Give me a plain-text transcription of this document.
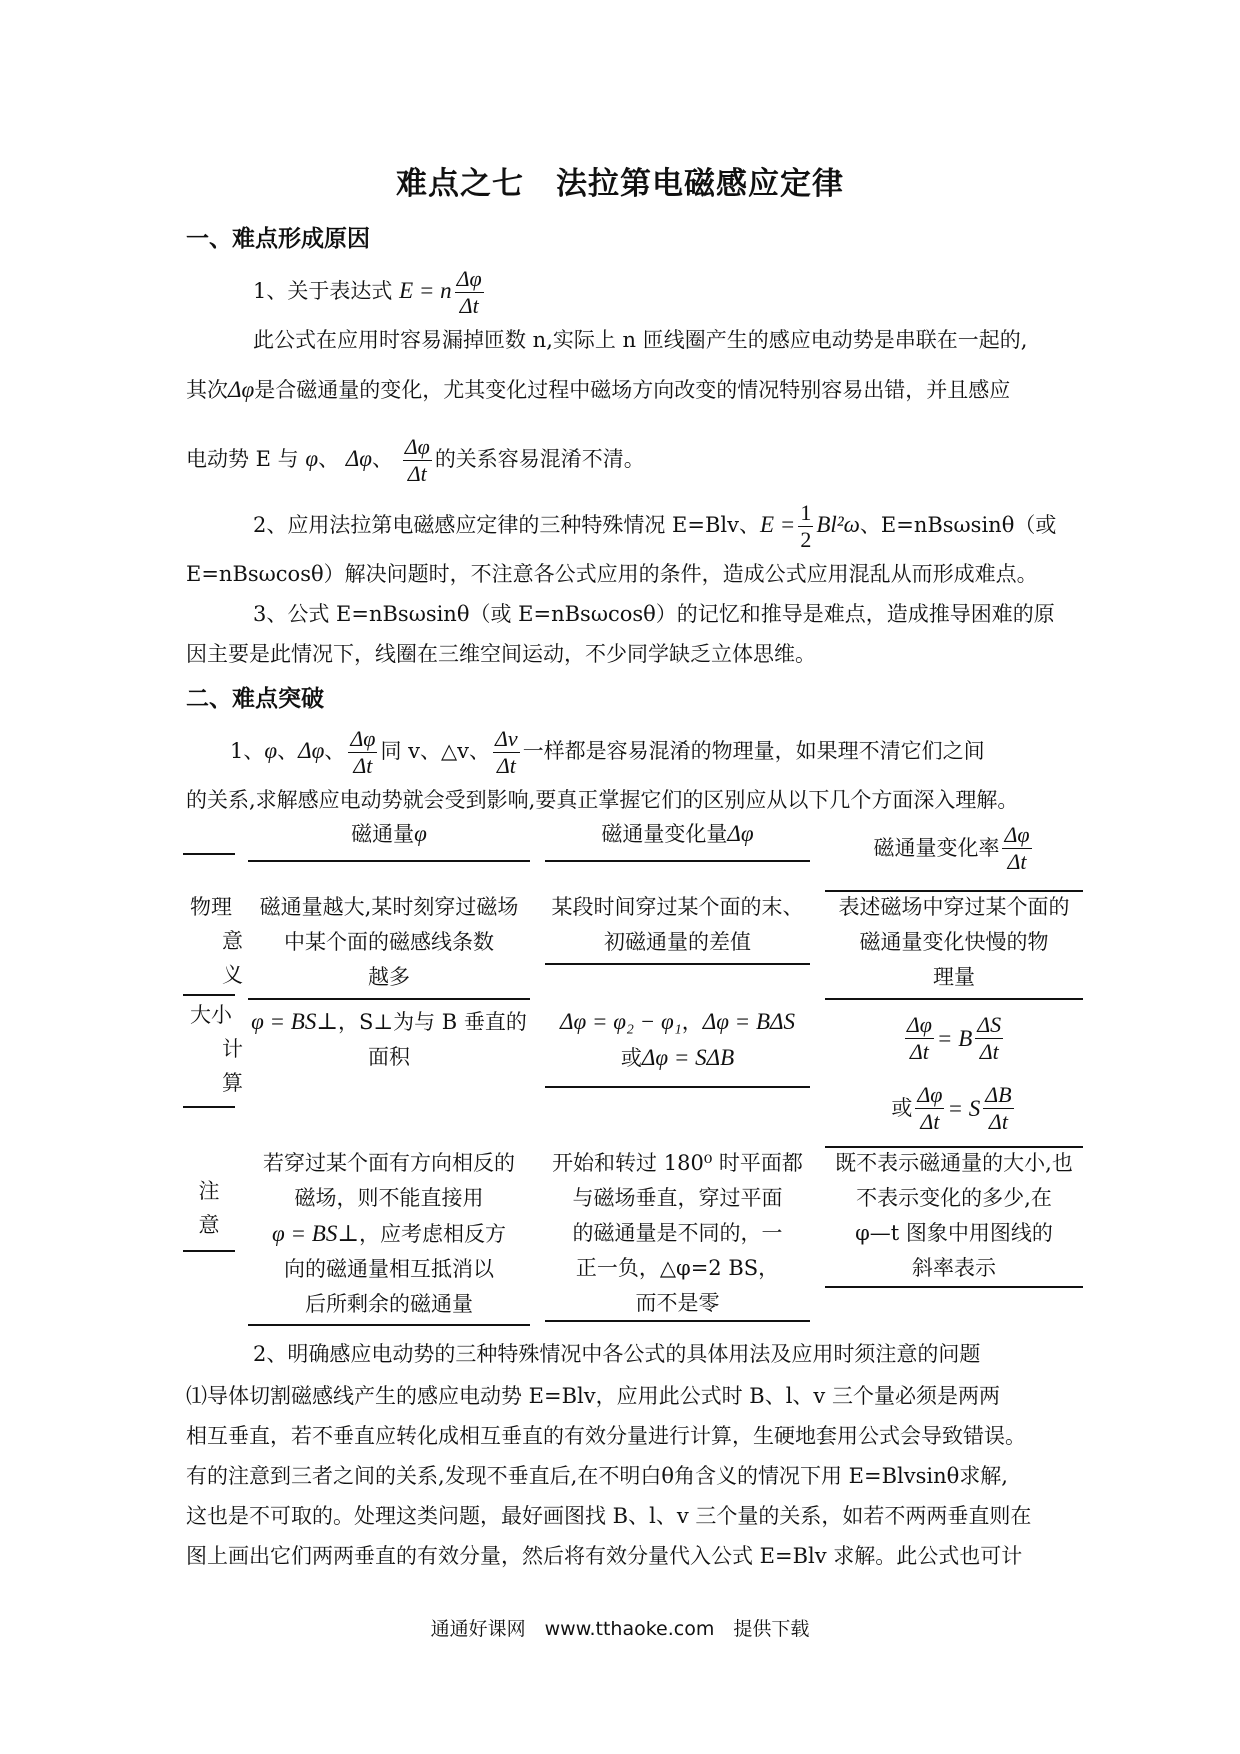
难点之七　法拉第电磁感应定律
一、难点形成原因
1、关于表达式 E = n $\frac{\Delta\varphi}{\Delta t}$
此公式在应用时容易漏掉匝数 n,实际上 n 匝线圈产生的感应电动势是串联在一起的,
其次Δφ是合磁通量的变化，尤其变化过程中磁场方向改变的情况特别容易出错，并且感应
电动势 E 与 φ、 Δφ、 $\frac{\Delta\varphi}{\Delta t}$ 的关系容易混淆不清。
2、应用法拉第电磁感应定律的三种特殊情况 E=Blv、$E = \frac{1}{2} Bl^2\omega$、E=nBsωsinθ（或
E=nBsωcosθ）解决问题时，不注意各公式应用的条件，造成公式应用混乱从而形成难点。
3、公式 E=nBsωsinθ（或 E=nBsωcosθ）的记忆和推导是难点，造成推导困难的原
因主要是此情况下，线圈在三维空间运动，不少同学缺乏立体思维。
二、难点突破
1、φ、Δφ、 $\frac{\Delta\varphi}{\Delta t}$ 同 v、△v、 $\frac{\Delta v}{\Delta t}$ 一样都是容易混淆的物理量，如果理不清它们之间
的关系,求解感应电动势就会受到影响,要真正掌握它们的区别应从以下几个方面深入理解。
磁通量φ	磁通量变化量Δφ
磁通量变化率 $\frac{\Delta\varphi}{\Delta t}$
物理
意
义
磁通量越大,某时刻穿过磁场
中某个面的磁感线条数
越多
某段时间穿过某个面的末、
初磁通量的差值
表述磁场中穿过某个面的
磁通量变化快慢的物
理量
大小
计
算
φ = BS⊥，S⊥为与 B 垂直的
面积
Δφ = φ₂ − φ₁，Δφ = BΔS
或Δφ = SΔB	$\frac{\Delta\varphi}{\Delta t} = B \frac{\Delta S}{\Delta t}$
或 $\frac{\Delta\varphi}{\Delta t} = S \frac{\Delta B}{\Delta t}$
注
意
若穿过某个面有方向相反的
磁场，则不能直接用
φ = BS⊥，应考虑相反方
向的磁通量相互抵消以
后所剩余的磁通量
开始和转过 180⁰ 时平面都
与磁场垂直，穿过平面
的磁通量是不同的，一
正一负，△φ=2 BS，
而不是零
既不表示磁通量的大小,也
不表示变化的多少,在
φ—t 图象中用图线的
斜率表示
2、明确感应电动势的三种特殊情况中各公式的具体用法及应用时须注意的问题
⑴导体切割磁感线产生的感应电动势 E=Blv，应用此公式时 B、l、v 三个量必须是两两
相互垂直，若不垂直应转化成相互垂直的有效分量进行计算，生硬地套用公式会导致错误。
有的注意到三者之间的关系,发现不垂直后,在不明白θ角含义的情况下用 E=Blvsinθ求解,
这也是不可取的。处理这类问题，最好画图找 B、l、v 三个量的关系，如若不两两垂直则在
图上画出它们两两垂直的有效分量，然后将有效分量代入公式 E=Blv 求解。此公式也可计
通通好课网　www.tthaoke.com　提供下载
